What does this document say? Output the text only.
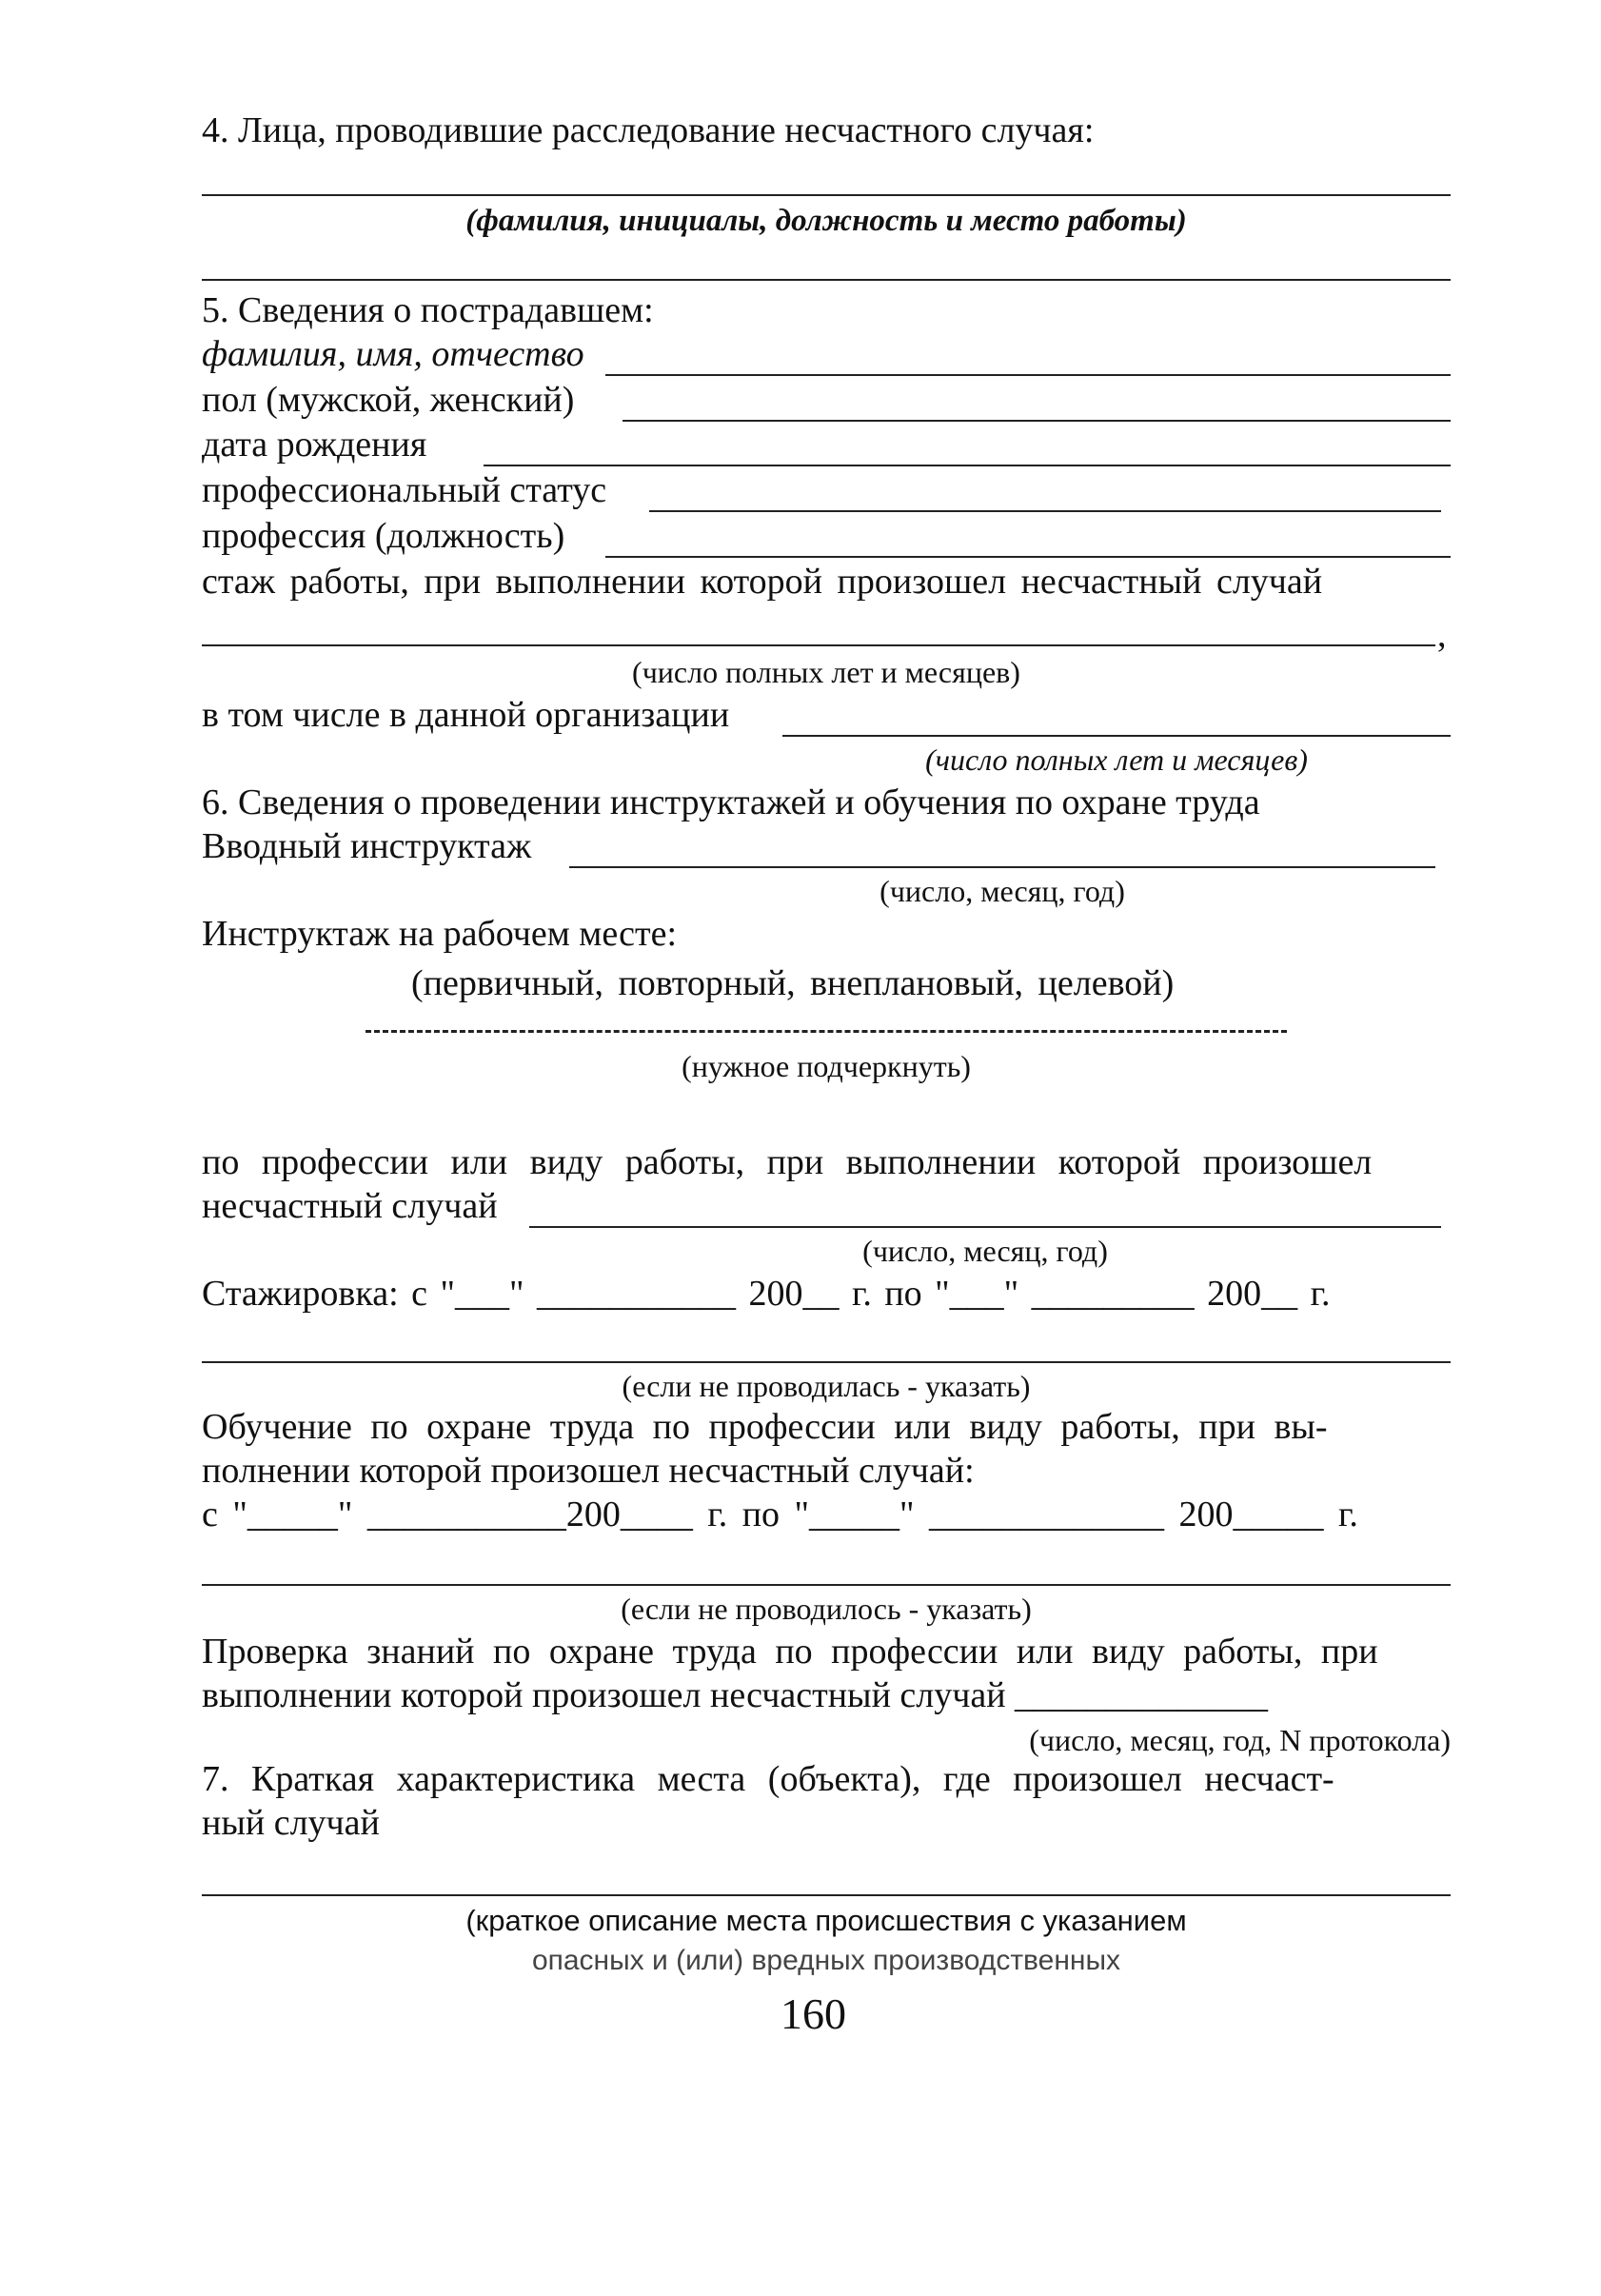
4. Лица, проводившие расследование несчастного случая:
(фамилия, инициалы, должность и место работы)
5. Сведения о пострадавшем:
фамилия, имя, отчество
пол (мужской, женский)
дата рождения
профессиональный статус
профессия (должность)
стаж работы, при выполнении которой произошел несчастный случай
,
(число полных лет и месяцев)
в том числе в данной организации
(число полных лет и месяцев)
6. Сведения о проведении инструктажей и обучения по охране труда
Вводный инструктаж
(число, месяц, год)
Инструктаж на рабочем месте:
(первичный, повторный, внеплановый, целевой)
(нужное подчеркнуть)
по профессии или виду работы, при выполнении которой произошел
несчастный случай
(число, месяц, год)
Стажировка: с "___" ___________ 200__ г. по "___" _________ 200__ г.
(если не проводилась - указать)
Обучение по охране труда по профессии или виду работы, при вы-
полнении которой произошел несчастный случай:
с "_____" ___________200____ г. по "_____" _____________ 200_____ г.
(если не проводилось - указать)
Проверка знаний по охране труда по профессии или виду работы, при
выполнении которой произошел несчастный случай ______________
(число, месяц, год, N протокола)
7. Краткая характеристика места (объекта), где произошел несчаст-
ный случай
(краткое описание места происшествия с указанием
опасных и (или) вредных производственных
160
